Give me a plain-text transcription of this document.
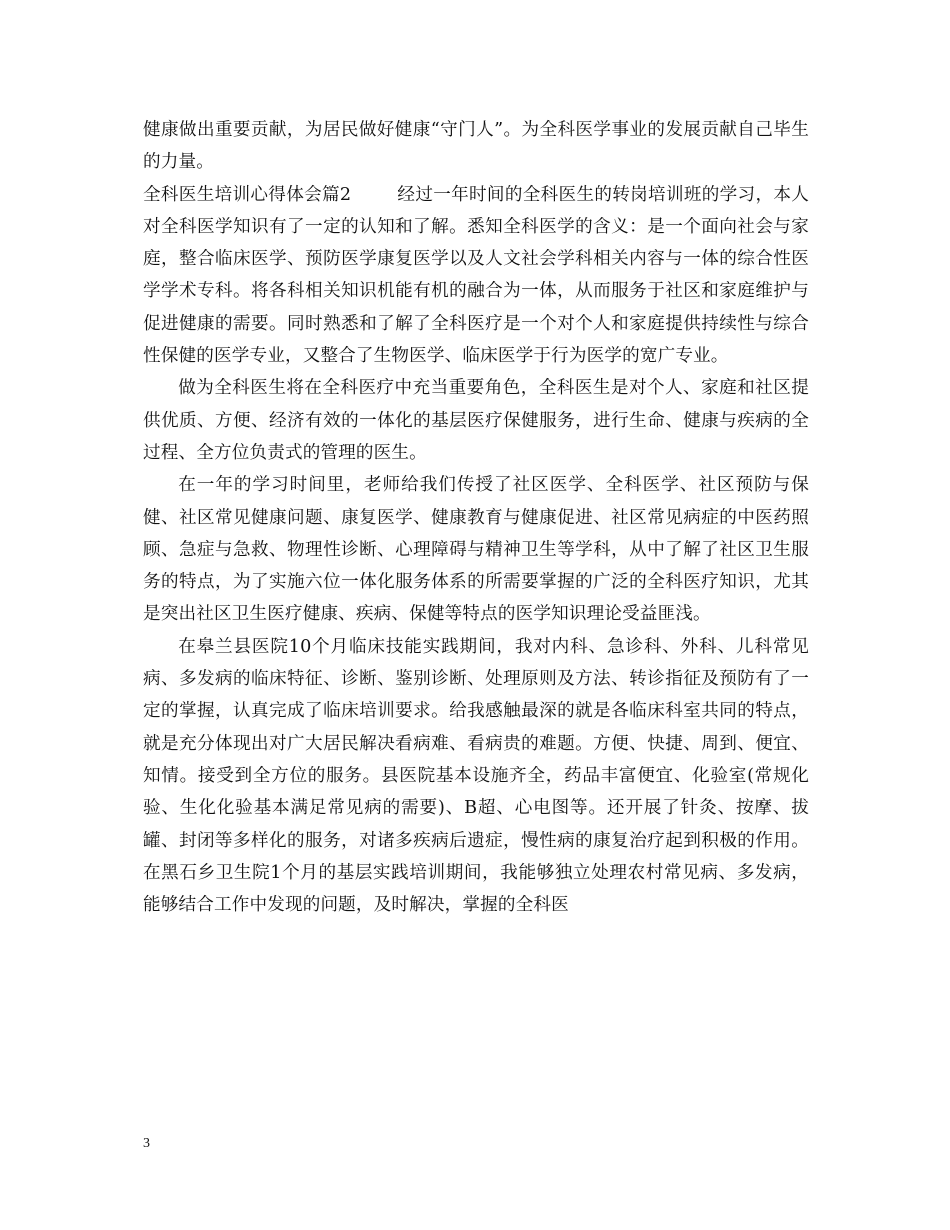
健康做出重要贡献，为居民做好健康“守门人”。为全科医学事业的发展贡献自己毕生的力量。

全科医生培训心得体会篇2	经过一年时间的全科医生的转岗培训班的学习，本人对全科医学知识有了一定的认知和了解。悉知全科医学的含义：是一个面向社会与家庭，整合临床医学、预防医学康复医学以及人文社会学科相关内容与一体的综合性医学学术专科。将各科相关知识机能有机的融合为一体，从而服务于社区和家庭维护与促进健康的需要。同时熟悉和了解了全科医疗是一个对个人和家庭提供持续性与综合性保健的医学专业，又整合了生物医学、临床医学于行为医学的宽广专业。

做为全科医生将在全科医疗中充当重要角色，全科医生是对个人、家庭和社区提供优质、方便、经济有效的一体化的基层医疗保健服务，进行生命、健康与疾病的全过程、全方位负责式的管理的医生。

在一年的学习时间里，老师给我们传授了社区医学、全科医学、社区预防与保健、社区常见健康问题、康复医学、健康教育与健康促进、社区常见病症的中医药照顾、急症与急救、物理性诊断、心理障碍与精神卫生等学科，从中了解了社区卫生服务的特点，为了实施六位一体化服务体系的所需要掌握的广泛的全科医疗知识，尤其是突出社区卫生医疗健康、疾病、保健等特点的医学知识理论受益匪浅。

在皋兰县医院10个月临床技能实践期间，我对内科、急诊科、外科、儿科常见病、多发病的临床特征、诊断、鉴别诊断、处理原则及方法、转诊指征及预防有了一定的掌握，认真完成了临床培训要求。给我感触最深的就是各临床科室共同的特点，就是充分体现出对广大居民解决看病难、看病贵的难题。方便、快捷、周到、便宜、知情。接受到全方位的服务。县医院基本设施齐全，药品丰富便宜、化验室(常规化验、生化化验基本满足常见病的需要)、B超、心电图等。还开展了针灸、按摩、拔罐、封闭等多样化的服务，对诸多疾病后遗症，慢性病的康复治疗起到积极的作用。在黑石乡卫生院1个月的基层实践培训期间，我能够独立处理农村常见病、多发病，能够结合工作中发现的问题，及时解决，掌握的全科医

3
